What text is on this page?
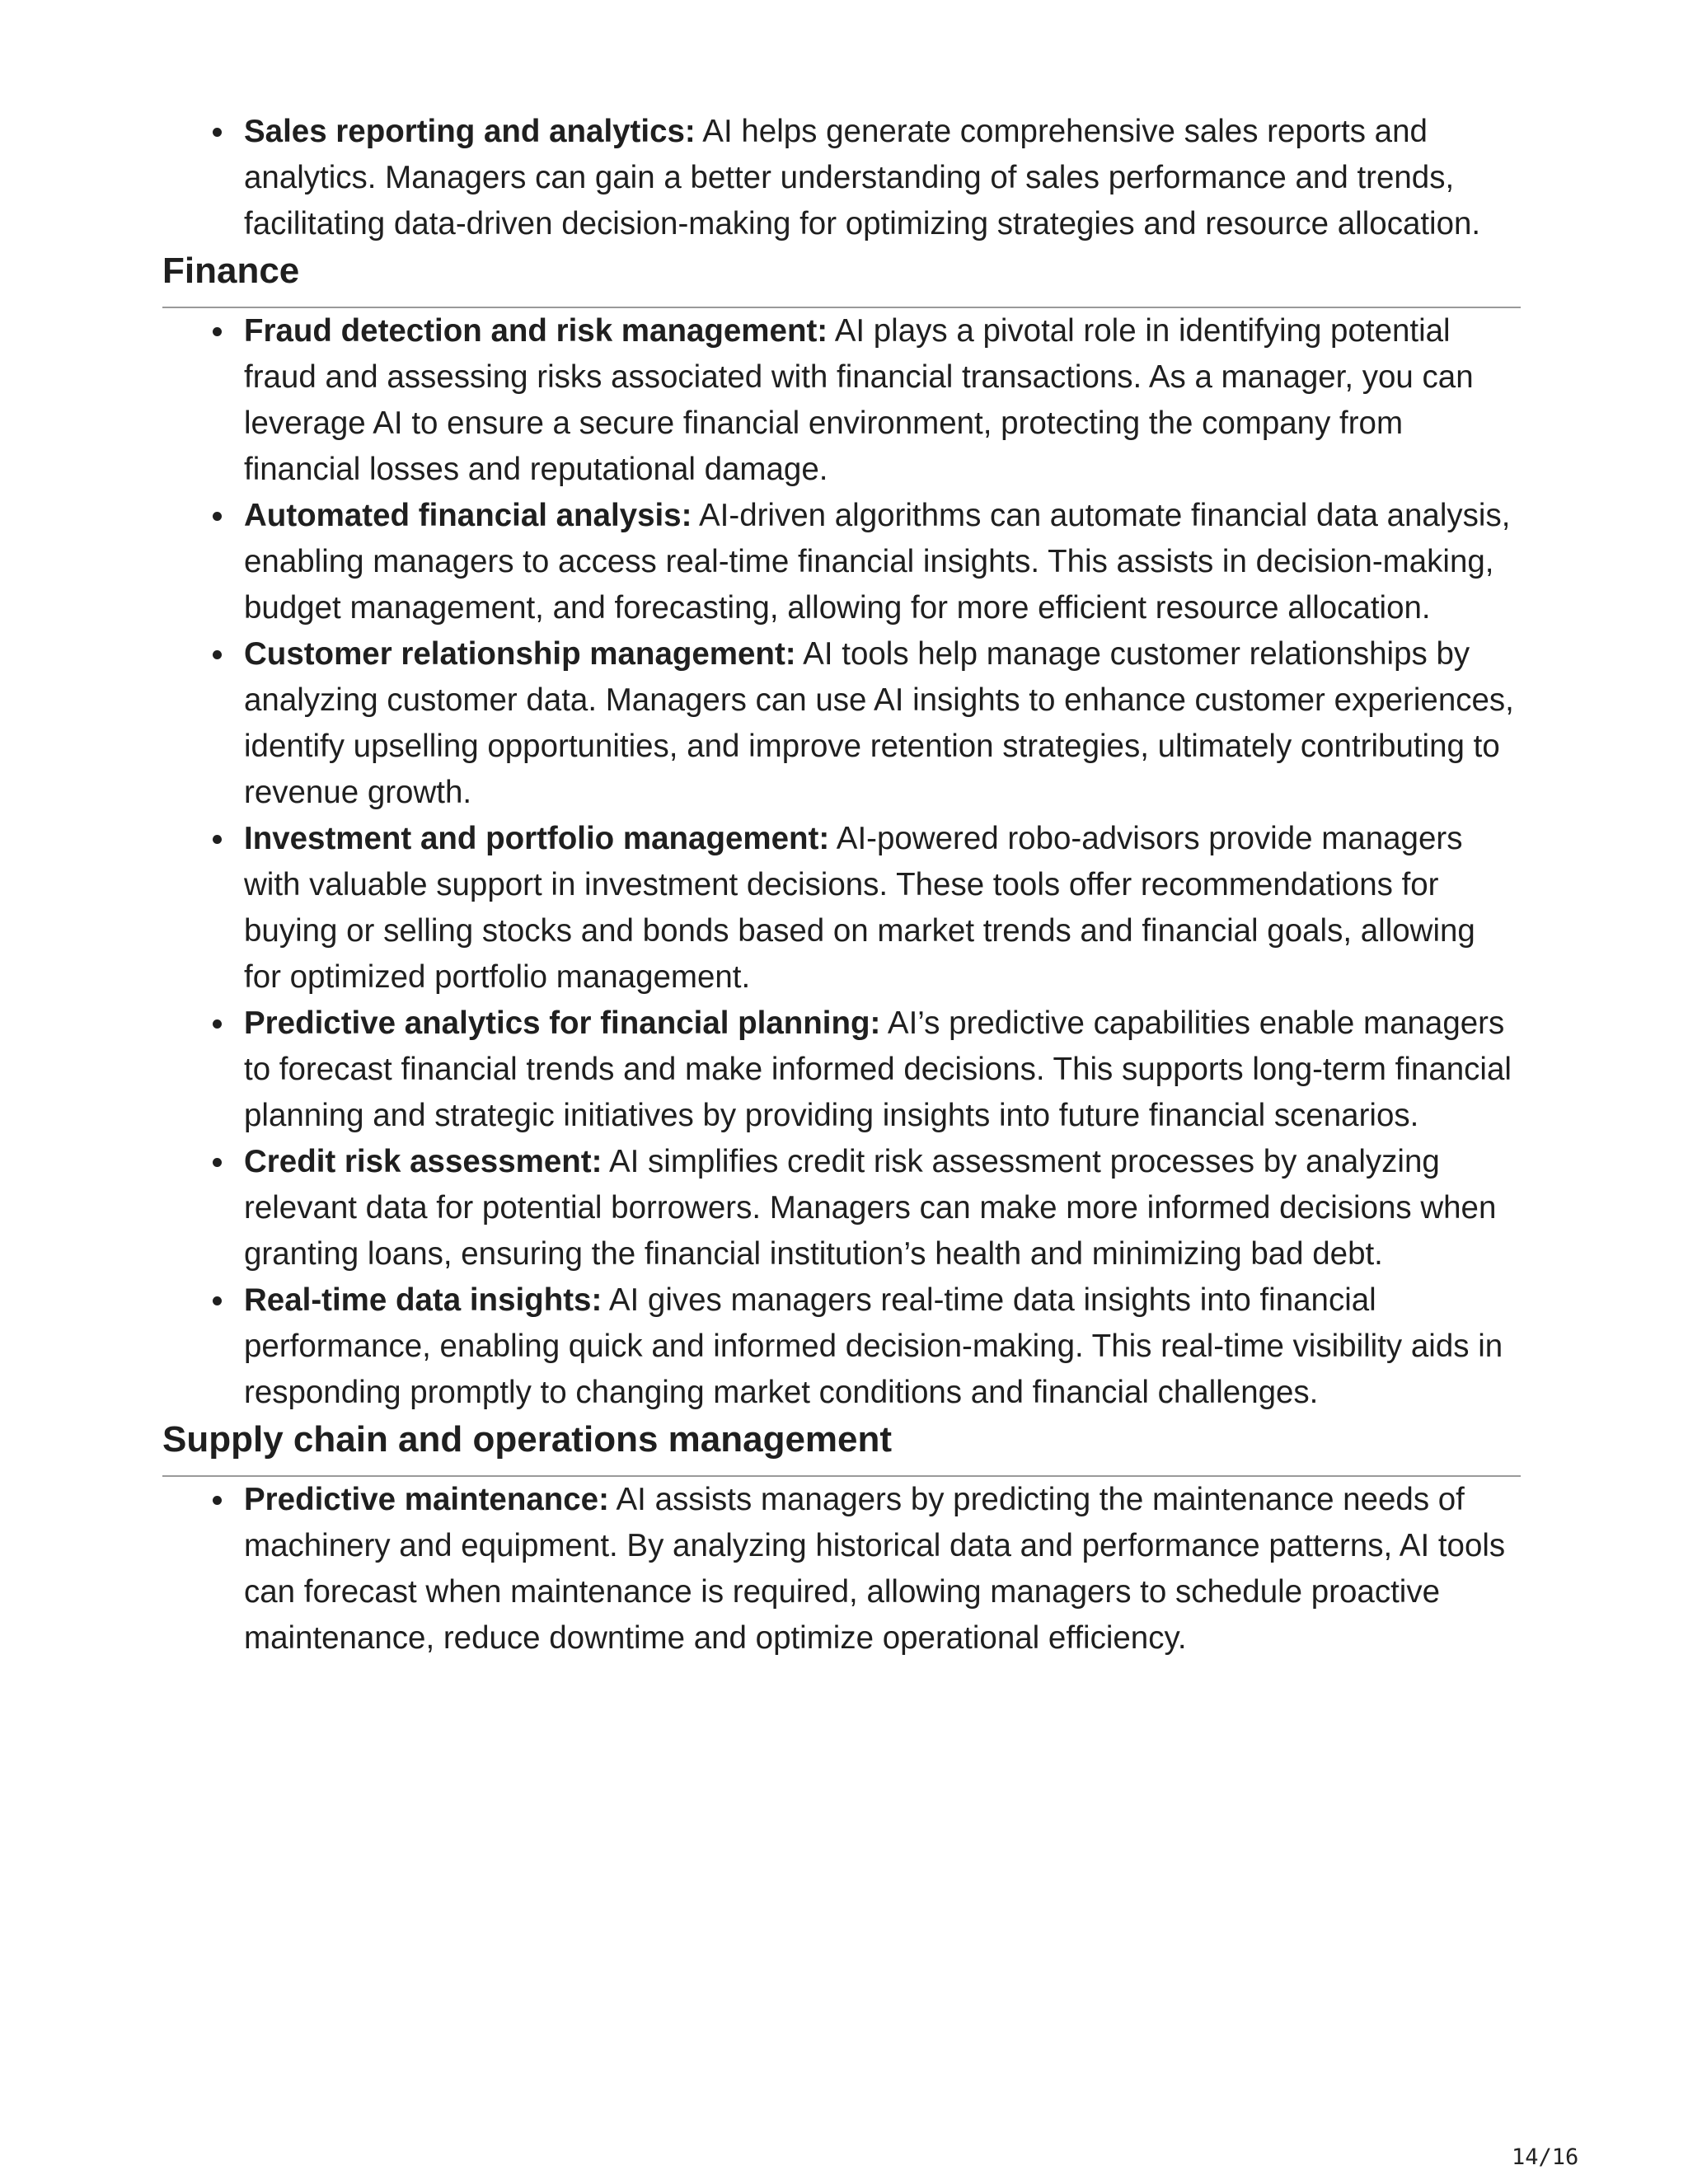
Sales reporting and analytics: AI helps generate comprehensive sales reports and analytics. Managers can gain a better understanding of sales performance and trends, facilitating data-driven decision-making for optimizing strategies and resource allocation.
Finance
Fraud detection and risk management: AI plays a pivotal role in identifying potential fraud and assessing risks associated with financial transactions. As a manager, you can leverage AI to ensure a secure financial environment, protecting the company from financial losses and reputational damage.
Automated financial analysis: AI-driven algorithms can automate financial data analysis, enabling managers to access real-time financial insights. This assists in decision-making, budget management, and forecasting, allowing for more efficient resource allocation.
Customer relationship management: AI tools help manage customer relationships by analyzing customer data. Managers can use AI insights to enhance customer experiences, identify upselling opportunities, and improve retention strategies, ultimately contributing to revenue growth.
Investment and portfolio management: AI-powered robo-advisors provide managers with valuable support in investment decisions. These tools offer recommendations for buying or selling stocks and bonds based on market trends and financial goals, allowing for optimized portfolio management.
Predictive analytics for financial planning: AI’s predictive capabilities enable managers to forecast financial trends and make informed decisions. This supports long-term financial planning and strategic initiatives by providing insights into future financial scenarios.
Credit risk assessment: AI simplifies credit risk assessment processes by analyzing relevant data for potential borrowers. Managers can make more informed decisions when granting loans, ensuring the financial institution’s health and minimizing bad debt.
Real-time data insights: AI gives managers real-time data insights into financial performance, enabling quick and informed decision-making. This real-time visibility aids in responding promptly to changing market conditions and financial challenges.
Supply chain and operations management
Predictive maintenance: AI assists managers by predicting the maintenance needs of machinery and equipment. By analyzing historical data and performance patterns, AI tools can forecast when maintenance is required, allowing managers to schedule proactive maintenance, reduce downtime and optimize operational efficiency.
14/16
